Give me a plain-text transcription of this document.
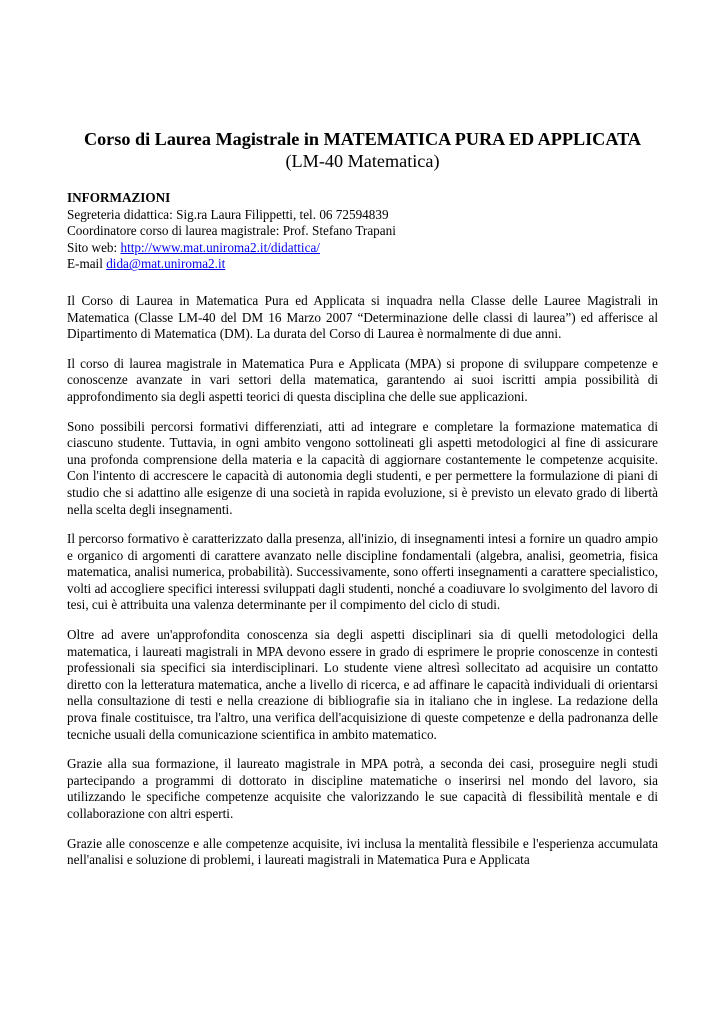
Corso di Laurea Magistrale in MATEMATICA PURA ED APPLICATA
(LM-40 Matematica)
INFORMAZIONI
Segreteria didattica: Sig.ra Laura Filippetti, tel. 06 72594839
Coordinatore corso di laurea magistrale: Prof. Stefano Trapani
Sito web: http://www.mat.uniroma2.it/didattica/
E-mail dida@mat.uniroma2.it

Il Corso di Laurea in Matematica Pura ed Applicata si inquadra nella Classe delle Lauree Magistrali in Matematica (Classe LM-40 del DM 16 Marzo 2007 “Determinazione delle classi di laurea”) ed afferisce al Dipartimento di Matematica (DM). La durata del Corso di Laurea è normalmente di due anni.

Il corso di laurea magistrale in Matematica Pura e Applicata (MPA) si propone di sviluppare competenze e conoscenze avanzate in vari settori della matematica, garantendo ai suoi iscritti ampia possibilità di approfondimento sia degli aspetti teorici di questa disciplina che delle sue applicazioni.

Sono possibili percorsi formativi differenziati, atti ad integrare e completare la formazione matematica di ciascuno studente. Tuttavia, in ogni ambito vengono sottolineati gli aspetti metodologici al fine di assicurare una profonda comprensione della materia e la capacità di aggiornare costantemente le competenze acquisite. Con l'intento di accrescere le capacità di autonomia degli studenti, e per permettere la formulazione di piani di studio che si adattino alle esigenze di una società in rapida evoluzione, si è previsto un elevato grado di libertà nella scelta degli insegnamenti.

Il percorso formativo è caratterizzato dalla presenza, all'inizio, di insegnamenti intesi a fornire un quadro ampio e organico di argomenti di carattere avanzato nelle discipline fondamentali (algebra, analisi, geometria, fisica matematica, analisi numerica, probabilità). Successivamente, sono offerti insegnamenti a carattere specialistico, volti ad accogliere specifici interessi sviluppati dagli studenti, nonché a coadiuvare lo svolgimento del lavoro di tesi, cui è attribuita una valenza determinante per il compimento del ciclo di studi.

Oltre ad avere un'approfondita conoscenza sia degli aspetti disciplinari sia di quelli metodologici della matematica, i laureati magistrali in MPA devono essere in grado di esprimere le proprie conoscenze in contesti professionali sia specifici sia interdisciplinari. Lo studente viene altresì sollecitato ad acquisire un contatto diretto con la letteratura matematica, anche a livello di ricerca, e ad affinare le capacità individuali di orientarsi nella consultazione di testi e nella creazione di bibliografie sia in italiano che in inglese. La redazione della prova finale costituisce, tra l'altro, una verifica dell'acquisizione di queste competenze e della padronanza delle tecniche usuali della comunicazione scientifica in ambito matematico.

Grazie alla sua formazione, il laureato magistrale in MPA potrà, a seconda dei casi, proseguire negli studi partecipando a programmi di dottorato in discipline matematiche o inserirsi nel mondo del lavoro, sia utilizzando le specifiche competenze acquisite che valorizzando le sue capacità di flessibilità mentale e di collaborazione con altri esperti.

Grazie alle conoscenze e alle competenze acquisite, ivi inclusa la mentalità flessibile e l'esperienza accumulata nell'analisi e soluzione di problemi, i laureati magistrali in Matematica Pura e Applicata
